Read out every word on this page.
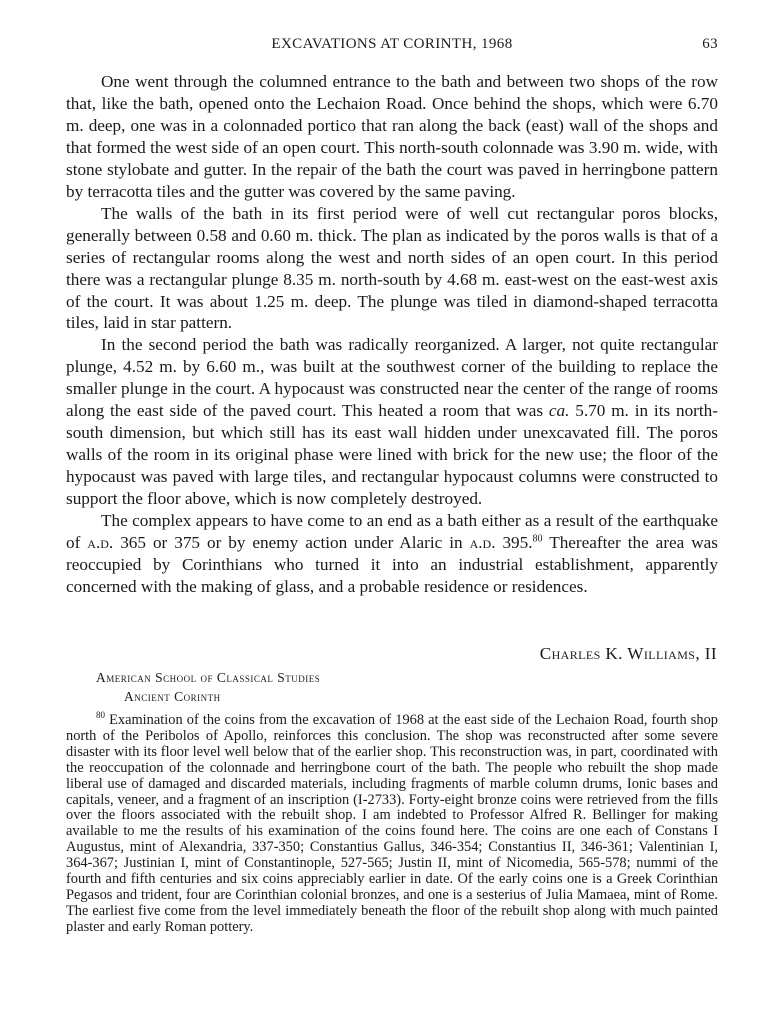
EXCAVATIONS AT CORINTH, 1968	63

One went through the columned entrance to the bath and between two shops of the row that, like the bath, opened onto the Lechaion Road. Once behind the shops, which were 6.70 m. deep, one was in a colonnaded portico that ran along the back (east) wall of the shops and that formed the west side of an open court. This north-south colonnade was 3.90 m. wide, with stone stylobate and gutter. In the repair of the bath the court was paved in herringbone pattern by terracotta tiles and the gutter was covered by the same paving.

The walls of the bath in its first period were of well cut rectangular poros blocks, generally between 0.58 and 0.60 m. thick. The plan as indicated by the poros walls is that of a series of rectangular rooms along the west and north sides of an open court. In this period there was a rectangular plunge 8.35 m. north-south by 4.68 m. east-west on the east-west axis of the court. It was about 1.25 m. deep. The plunge was tiled in diamond-shaped terracotta tiles, laid in star pattern.

In the second period the bath was radically reorganized. A larger, not quite rectangular plunge, 4.52 m. by 6.60 m., was built at the southwest corner of the building to replace the smaller plunge in the court. A hypocaust was constructed near the center of the range of rooms along the east side of the paved court. This heated a room that was ca. 5.70 m. in its north-south dimension, but which still has its east wall hidden under unexcavated fill. The poros walls of the room in its original phase were lined with brick for the new use; the floor of the hypocaust was paved with large tiles, and rectangular hypocaust columns were constructed to support the floor above, which is now completely destroyed.

The complex appears to have come to an end as a bath either as a result of the earthquake of a.d. 365 or 375 or by enemy action under Alaric in a.d. 395.80 Thereafter the area was reoccupied by Corinthians who turned it into an industrial establishment, apparently concerned with the making of glass, and a probable residence or residences.

Charles K. Williams, II
American School of Classical Studies
Ancient Corinth

$^{80}$ Examination of the coins from the excavation of 1968 at the east side of the Lechaion Road, fourth shop north of the Peribolos of Apollo, reinforces this conclusion. The shop was reconstructed after some severe disaster with its floor level well below that of the earlier shop. This reconstruction was, in part, coordinated with the reoccupation of the colonnade and herringbone court of the bath. The people who rebuilt the shop made liberal use of damaged and discarded materials, including fragments of marble column drums, Ionic bases and capitals, veneer, and a fragment of an inscription (I-2733). Forty-eight bronze coins were retrieved from the fills over the floors associated with the rebuilt shop. I am indebted to Professor Alfred R. Bellinger for making available to me the results of his examination of the coins found here. The coins are one each of Constans I Augustus, mint of Alexandria, 337-350; Constantius Gallus, 346-354; Constantius II, 346-361; Valentinian I, 364-367; Justinian I, mint of Constantinople, 527-565; Justin II, mint of Nicomedia, 565-578; nummi of the fourth and fifth centuries and six coins appreciably earlier in date. Of the early coins one is a Greek Corinthian Pegasos and trident, four are Corinthian colonial bronzes, and one is a sesterius of Julia Mamaea, mint of Rome. The earliest five come from the level immediately beneath the floor of the rebuilt shop along with much painted plaster and early Roman pottery.
